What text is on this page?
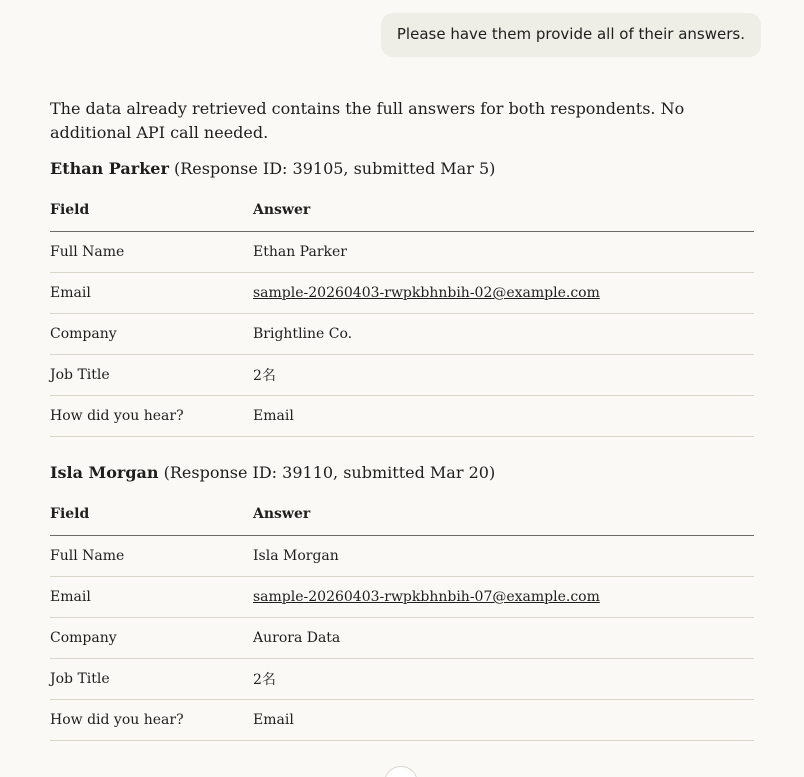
Please have them provide all of their answers.

The data already retrieved contains the full answers for both respondents. No additional API call needed.

Ethan Parker (Response ID: 39105, submitted Mar 5)

Field	Answer
Full Name	Ethan Parker
Email	sample-20260403-rwpkbhnbih-02@example.com
Company	Brightline Co.
Job Title	2名
How did you hear?	Email

Isla Morgan (Response ID: 39110, submitted Mar 20)

Field	Answer
Full Name	Isla Morgan
Email	sample-20260403-rwpkbhnbih-07@example.com
Company	Aurora Data
Job Title	2名
How did you hear?	Email
